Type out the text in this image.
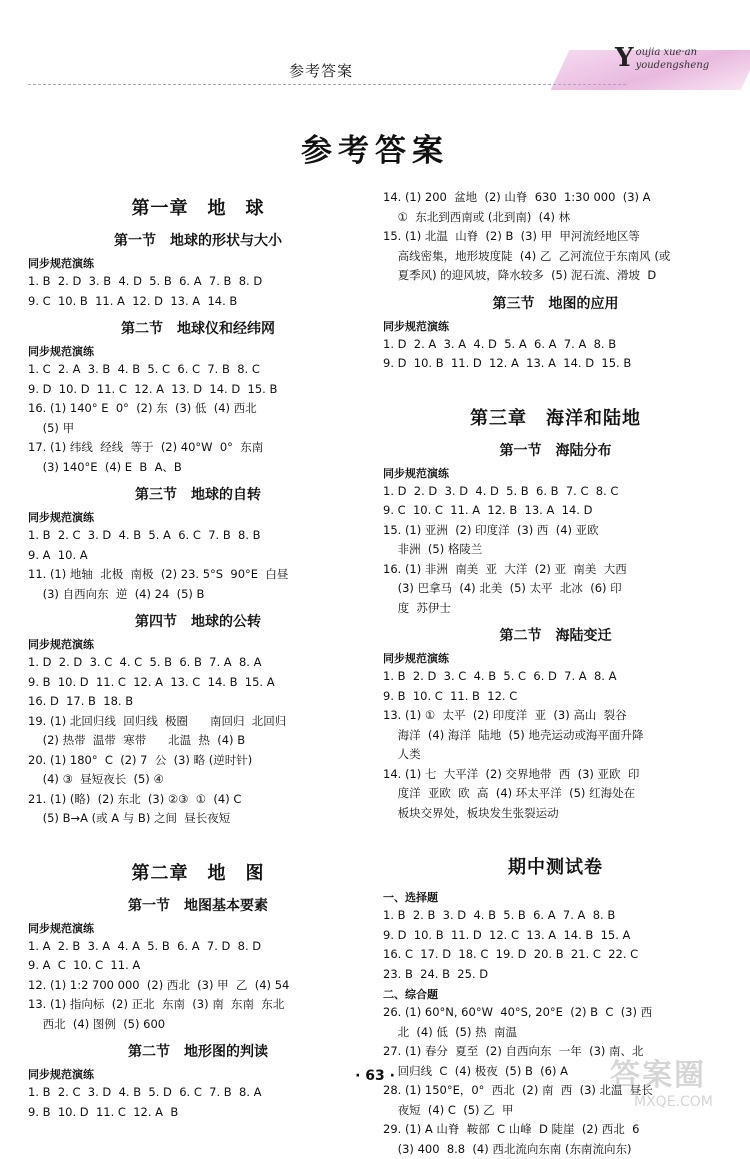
参考答案	Y oujia xue·an
youdengsheng
参考答案
第一章　地　球
第一节　地球的形状与大小
同步规范演练
1. B  2. D  3. B  4. D  5. B  6. A  7. B  8. D
9. C  10. B  11. A  12. D  13. A  14. B
第二节　地球仪和经纬网
同步规范演练
1. C  2. A  3. B  4. B  5. C  6. C  7. B  8. C
9. D  10. D  11. C  12. A  13. D  14. D  15. B
16. (1) 140° E  0°  (2) 东  (3) 低  (4) 西北
(5) 甲
17. (1) 纬线  经线  等于  (2) 40°W  0°  东南
(3) 140°E  (4) E  B  A、B
第三节　地球的自转
同步规范演练
1. B  2. C  3. D  4. B  5. A  6. C  7. B  8. B
9. A  10. A
11. (1) 地轴  北极  南极  (2) 23. 5°S  90°E  白昼
(3) 自西向东  逆  (4) 24  (5) B
第四节　地球的公转
同步规范演练
1. D  2. D  3. C  4. C  5. B  6. B  7. A  8. A
9. B  10. D  11. C  12. A  13. C  14. B  15. A
16. D  17. B  18. B
19. (1) 北回归线  回归线  极圈      南回归  北回归
(2) 热带  温带  寒带      北温  热  (4) B
20. (1) 180°  C  (2) 7  公  (3) 略 (逆时针)
(4) ③  昼短夜长  (5) ④
21. (1) (略)  (2) 东北  (3) ②③  ①  (4) C
(5) B→A (或 A 与 B) 之间  昼长夜短
第二章　地　图
第一节　地图基本要素
同步规范演练
1. A  2. B  3. A  4. A  5. B  6. A  7. D  8. D
9. A  C  10. C  11. A
12. (1) 1:2 700 000  (2) 西北  (3) 甲  乙  (4) 54
13. (1) 指向标  (2) 正北  东南  (3) 南  东南  东北
西北  (4) 图例  (5) 600
第二节　地形图的判读
同步规范演练
1. B  2. C  3. D  4. B  5. D  6. C  7. B  8. A
9. B  10. D  11. C  12. A  B
14. (1) 200  盆地  (2) 山脊  630  1:30 000  (3) A
①  东北到西南或 (北到南)  (4) 林
15. (1) 北温  山脊  (2) B  (3) 甲  甲河流经地区等
高线密集，地形坡度陡  (4) 乙  乙河流位于东南风 (或
夏季风) 的迎风坡，降水较多  (5) 泥石流、滑坡  D
第三节　地图的应用
同步规范演练
1. D  2. A  3. A  4. D  5. A  6. A  7. A  8. B
9. D  10. B  11. D  12. A  13. A  14. D  15. B
第三章　海洋和陆地
第一节　海陆分布
同步规范演练
1. D  2. D  3. D  4. D  5. B  6. B  7. C  8. C
9. C  10. C  11. A  12. B  13. A  14. D
15. (1) 亚洲  (2) 印度洋  (3) 西  (4) 亚欧
非洲  (5) 格陵兰
16. (1) 非洲  南美  亚  大洋  (2) 亚  南美  大西
(3) 巴拿马  (4) 北美  (5) 太平  北冰  (6) 印
度  苏伊士
第二节　海陆变迁
同步规范演练
1. B  2. D  3. C  4. B  5. C  6. D  7. A  8. A
9. B  10. C  11. B  12. C
13. (1) ①  太平  (2) 印度洋  亚  (3) 高山  裂谷
海洋  (4) 海洋  陆地  (5) 地壳运动或海平面升降
人类
14. (1) 七  大平洋  (2) 交界地带  西  (3) 亚欧  印
度洋  亚欧  欧  高  (4) 环太平洋  (5) 红海处在
板块交界处，板块发生张裂运动
期中测试卷
一、选择题
1. B  2. B  3. D  4. B  5. B  6. A  7. A  8. B
9. D  10. B  11. D  12. C  13. A  14. B  15. A
16. C  17. D  18. C  19. D  20. B  21. C  22. C
23. B  24. B  25. D
二、综合题
26. (1) 60°N, 60°W  40°S, 20°E  (2) B  C  (3) 西
北  (4) 低  (5) 热  南温
27. (1) 春分  夏至  (2) 自西向东  一年  (3) 南、北
回归线  C  (4) 极夜  (5) B  (6) A
28. (1) 150°E，0°  西北  (2) 南  西  (3) 北温  昼长
夜短  (4) C  (5) 乙  甲
29. (1) A 山脊  鞍部  C 山峰  D 陡崖  (2) 西北  6
(3) 400  8.8  (4) 西北流向东南 (东南流向东)
· 63 ·	答案圈
MXQE.COM
